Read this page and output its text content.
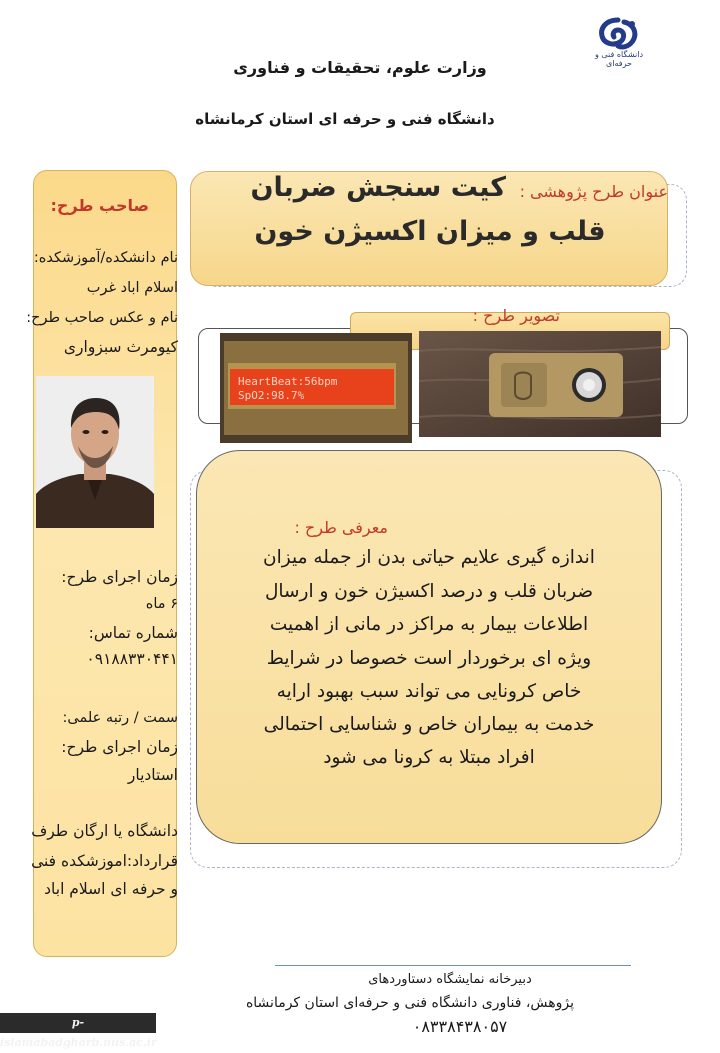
دانشگاه فنی و حرفه‌ای
وزارت علوم، تحقیقات و فناوری
دانشگاه فنی و حرفه ای استان کرمانشاه
صاحب طرح:
نام دانشکده/آموزشکده:
اسلام اباد غرب
نام و عکس صاحب طرح:
کیومرث سبزواری
زمان اجرای طرح:
۶ ماه
شماره تماس:
۰۹۱۸۸۳۳۰۴۴۱
سمت / رتبه علمی:
زمان اجرای طرح:
استادیار
دانشگاه یا ارگان طرف
قرارداد:اموزشکده فنی
و حرفه ای اسلام اباد
عنوان طرح پژوهشی :
کیت سنجش ضربان
قلب و میزان اکسیژن خون
تصویر طرح :
HeartBeat:56bpm
SpO2:98.7%
معرفی طرح :
اندازه گیری علایم حیاتی بدن از جمله میزان
ضربان قلب و درصد اکسیژن خون و ارسال
اطلاعات بیمار به مراکز در مانی از اهمیت
ویژه ای برخوردار است خصوصا در شرایط
خاص کرونایی می تواند سبب بهبود ارایه
خدمت به بیماران خاص و شناسایی احتمالی
افراد مبتلا به کرونا می شود
دبیرخانه نمایشگاه دستاوردهای
پژوهش، فناوری دانشگاه فنی و حرفه‌ای استان کرمانشاه
۰۸۳۳۸۴۳۸۰۵۷
p-islamabadgharb.nus.ac.ir
